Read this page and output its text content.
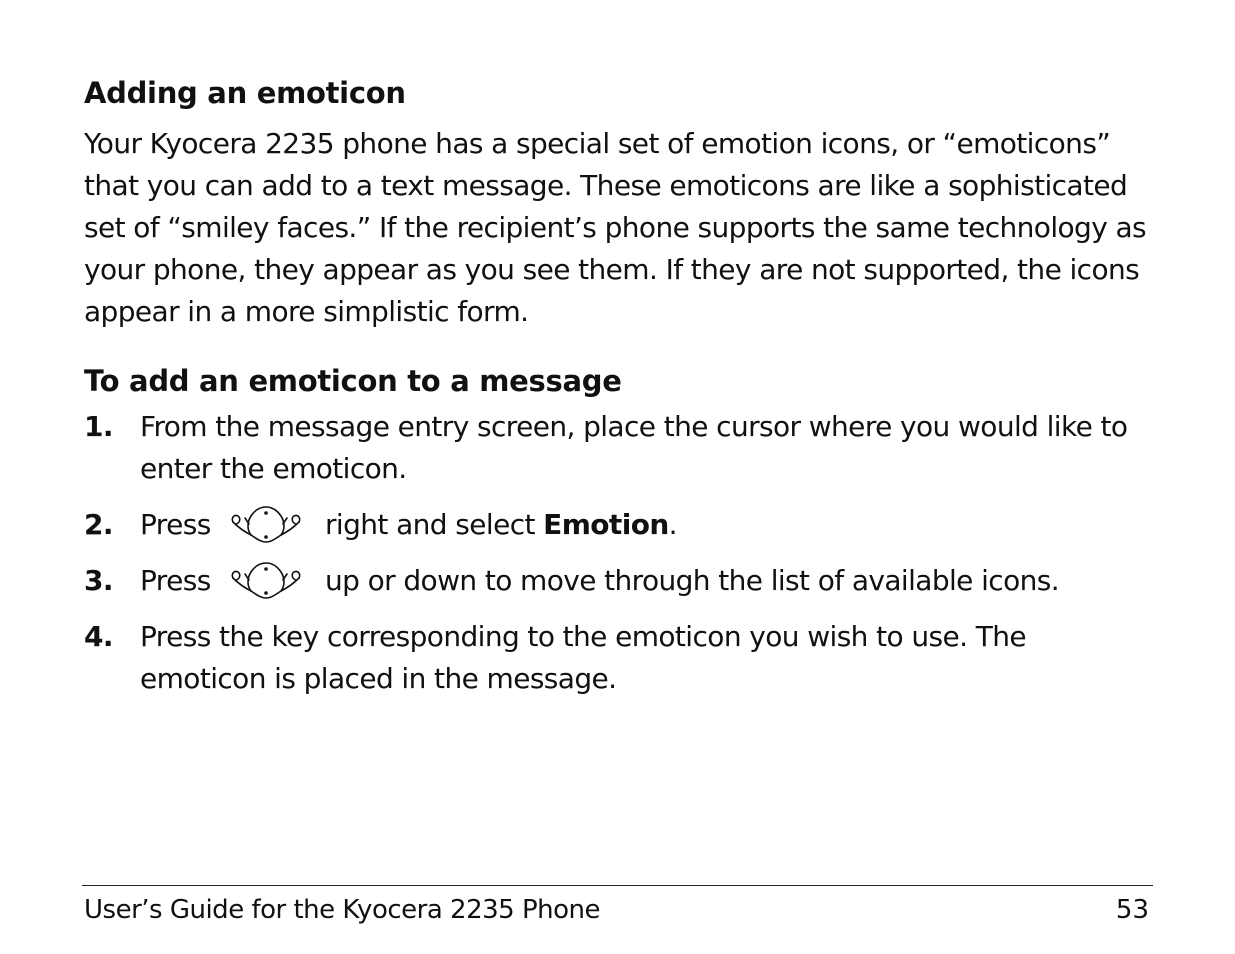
Adding an emoticon

Your Kyocera 2235 phone has a special set of emotion icons, or “emoticons” that you can add to a text message. These emoticons are like a sophisticated set of “smiley faces.” If the recipient’s phone supports the same technology as your phone, they appear as you see them. If they are not supported, the icons appear in a more simplistic form.

To add an emoticon to a message
1. From the message entry screen, place the cursor where you would like to enter the emoticon.
2. Press	right and select Emotion.
3. Press	up or down to move through the list of available icons.
4. Press the key corresponding to the emoticon you wish to use. The emoticon is placed in the message.
User’s Guide for the Kyocera 2235 Phone	53
